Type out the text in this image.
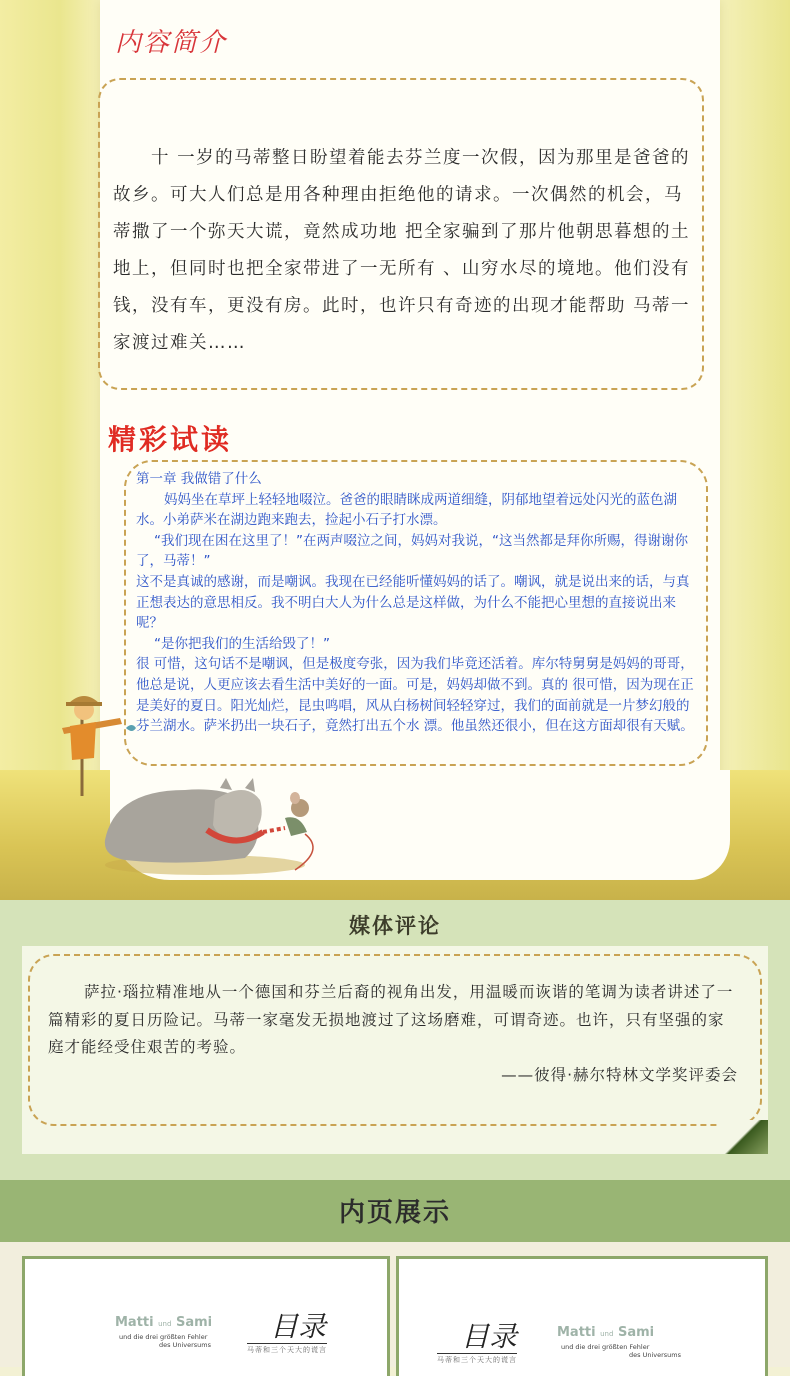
内容简介

十 一岁的马蒂整日盼望着能去芬兰度一次假，因为那里是爸爸的故乡。可大人们总是用各种理由拒绝他的请求。一次偶然的机会，马蒂撒了一个弥天大谎，竟然成功地 把全家骗到了那片他朝思暮想的土地上，但同时也把全家带进了一无所有 、山穷水尽的境地。他们没有钱，没有车，更没有房。此时，也许只有奇迹的出现才能帮助 马蒂一家渡过难关……

精彩试读

第一章 我做错了什么

妈妈坐在草坪上轻轻地啜泣。爸爸的眼睛眯成两道细缝，阴郁地望着远处闪光的蓝色湖水。小弟萨米在湖边跑来跑去，捡起小石子打水漂。

“我们现在困在这里了！”在两声啜泣之间，妈妈对我说，“这当然都是拜你所赐，得谢谢你了，马蒂！”

这不是真诚的感谢，而是嘲讽。我现在已经能听懂妈妈的话了。嘲讽，就是说出来的话，与真正想表达的意思相反。我不明白大人为什么总是这样做，为什么不能把心里想的直接说出来呢？

“是你把我们的生活给毁了！”

很 可惜，这句话不是嘲讽，但是极度夸张，因为我们毕竟还活着。库尔特舅舅是妈妈的哥哥，他总是说，人更应该去看生活中美好的一面。可是，妈妈却做不到。真的 很可惜，因为现在正是美好的夏日。阳光灿烂，昆虫鸣唱，风从白杨树间轻轻穿过，我们的面前就是一片梦幻般的芬兰湖水。萨米扔出一块石子，竟然打出五个水 漂。他虽然还很小，但在这方面却很有天赋。

媒体评论

萨拉·瑙拉精准地从一个德国和芬兰后裔的视角出发，用温暖而诙谐的笔调为读者讲述了一篇精彩的夏日历险记。马蒂一家毫发无损地渡过了这场磨难，可谓奇迹。也许，只有坚强的家庭才能经受住艰苦的考验。

——彼得·赫尔特林文学奖评委会
内页展示
Matti und Sami
und die drei größten Fehler
des Universums
目录
马蒂和三个天大的谎言	目录
马蒂和三个天大的谎言
Matti und Sami
und die drei größten Fehler
des Universums
